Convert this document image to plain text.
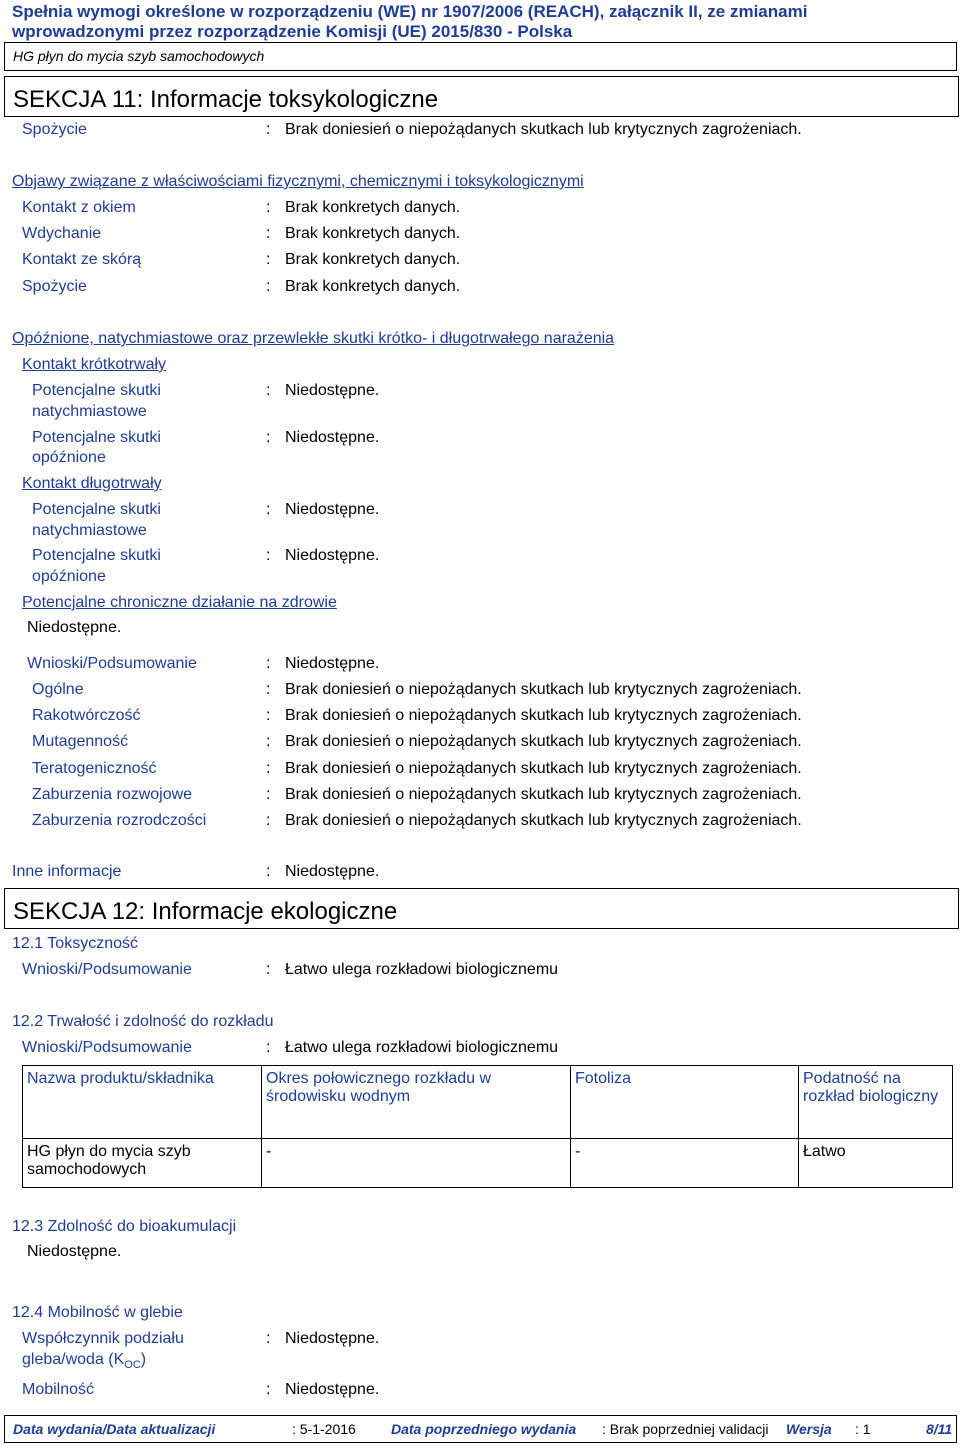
Spełnia wymogi określone w rozporządzeniu (WE) nr 1907/2006 (REACH), załącznik II, ze zmianami
wprowadzonymi przez rozporządzenie Komisji (UE) 2015/830 - Polska
HG płyn do mycia szyb samochodowych
SEKCJA 11: Informacje toksykologiczne
Spożycie	: Brak doniesień o niepożądanych skutkach lub krytycznych zagrożeniach.
Objawy związane z właściwościami fizycznymi, chemicznymi i toksykologicznymi
Kontakt z okiem	: Brak konkretych danych.
Wdychanie	: Brak konkretych danych.
Kontakt ze skórą	: Brak konkretych danych.
Spożycie	: Brak konkretych danych.
Opóźnione, natychmiastowe oraz przewlekłe skutki krótko- i długotrwałego narażenia
Kontakt krótkotrwały
Potencjalne skutki
natychmiastowe
: Niedostępne.
Potencjalne skutki
opóźnione
: Niedostępne.
Kontakt długotrwały
Potencjalne skutki
natychmiastowe
: Niedostępne.
Potencjalne skutki
opóźnione
: Niedostępne.
Potencjalne chroniczne działanie na zdrowie
Niedostępne.
Wnioski/Podsumowanie	: Niedostępne.
Ogólne	: Brak doniesień o niepożądanych skutkach lub krytycznych zagrożeniach.
Rakotwórczość	: Brak doniesień o niepożądanych skutkach lub krytycznych zagrożeniach.
Mutagenność	: Brak doniesień o niepożądanych skutkach lub krytycznych zagrożeniach.
Teratogeniczność	: Brak doniesień o niepożądanych skutkach lub krytycznych zagrożeniach.
Zaburzenia rozwojowe	: Brak doniesień o niepożądanych skutkach lub krytycznych zagrożeniach.
Zaburzenia rozrodczości	: Brak doniesień o niepożądanych skutkach lub krytycznych zagrożeniach.
Inne informacje	: Niedostępne.
SEKCJA 12: Informacje ekologiczne
12.1 Toksyczność
Wnioski/Podsumowanie	: Łatwo ulega rozkładowi biologicznemu
12.2 Trwałość i zdolność do rozkładu
Wnioski/Podsumowanie	: Łatwo ulega rozkładowi biologicznemu
Nazwa produktu/składnika	Okres połowicznego rozkładu w środowisku wodnym	Fotoliza	Podatność na rozkład biologiczny
HG płyn do mycia szyb samochodowych	-	-	Łatwo
12.3 Zdolność do bioakumulacji
Niedostępne.
12.4 Mobilność w glebie
Współczynnik podziału
gleba/woda $(K_{OC})$
: Niedostępne.
Mobilność	: Niedostępne.
Data wydania/Data aktualizacji	: 5-1-2016	Data poprzedniego wydania : Brak poprzedniej validacji Wersja : 1	8/11
